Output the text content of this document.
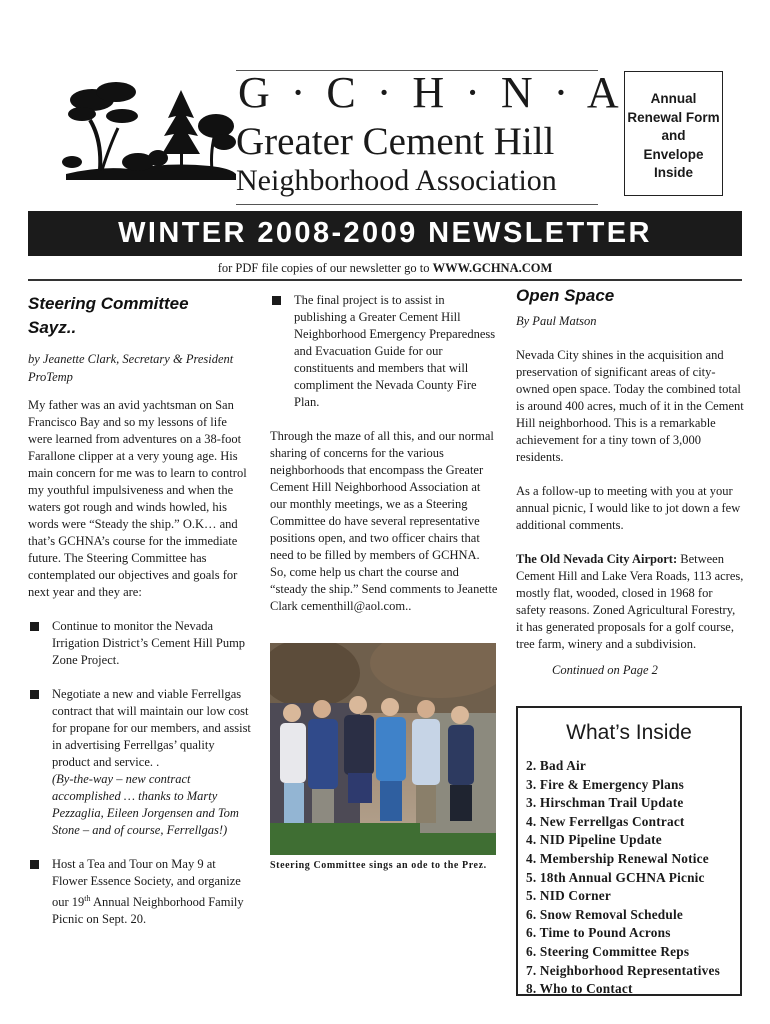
G · C · H · N · A
Greater Cement Hill
Neighborhood Association
Annual
Renewal Form
and
Envelope
Inside
WINTER 2008-2009 NEWSLETTER
for PDF file copies of our newsletter go to WWW.GCHNA.COM
Steering Committee Sayz..
by Jeanette Clark, Secretary & President ProTemp

My father was an avid yachtsman on San Francisco Bay and so my lessons of life were learned from adventures on a 38-foot Farallone clipper at a very young age. His main concern for me was to learn to control my youthful impulsiveness and when the waters got rough and winds howled, his words were “Steady the ship.” O.K… and that’s GCHNA’s course for the immediate future. The Steering Committee has contemplated our objectives and goals for next year and they are:

Continue to monitor the Nevada Irrigation District’s Cement Hill Pump Zone Project.
Negotiate a new and viable Ferrellgas contract that will maintain our low cost for propane for our members, and assist in advertising Ferrellgas’ quality product and service. .
(By-the-way – new contract accomplished … thanks to Marty Pezzaglia, Eileen Jorgensen and Tom Stone – and of course, Ferrellgas!)
Host a Tea and Tour on May 9 at Flower Essence Society, and organize our 19th Annual Neighborhood Family Picnic on Sept. 20.
The final project is to assist in publishing a Greater Cement Hill Neighborhood Emergency Preparedness and Evacuation Guide for our constituents and members that will compliment the Nevada County Fire Plan.

Through the maze of all this, and our normal sharing of concerns for the various neighborhoods that encompass the Greater Cement Hill Neighborhood Association at our monthly meetings, we as a Steering Committee do have several representative positions open, and two officer chairs that need to be filled by members of GCHNA. So, come help us chart the course and “steady the ship.” Send comments to Jeanette Clark cementhill@aol.com..

Steering Committee sings an ode to the Prez.
Open Space
By Paul Matson

Nevada City shines in the acquisition and preservation of significant areas of city-owned open space. Today the combined total is around 400 acres, much of it in the Cement Hill neighborhood. This is a remarkable achievement for a tiny town of 3,000 residents.

As a follow-up to meeting with you at your annual picnic, I would like to jot down a few additional comments.

The Old Nevada City Airport: Between Cement Hill and Lake Vera Roads, 113 acres, mostly flat, wooded, closed in 1968 for safety reasons. Zoned Agricultural Forestry, it has generated proposals for a golf course, tree farm, winery and a subdivision.

Continued on Page 2
What’s Inside
2. Bad Air
3. Fire & Emergency Plans
3. Hirschman Trail Update
4. New Ferrellgas Contract
4. NID Pipeline Update
4. Membership Renewal Notice
5. 18th Annual GCHNA Picnic
5. NID Corner
6. Snow Removal Schedule
6. Time to Pound Acrons
6. Steering Committee Reps
7. Neighborhood Representatives
8. Who to Contact
